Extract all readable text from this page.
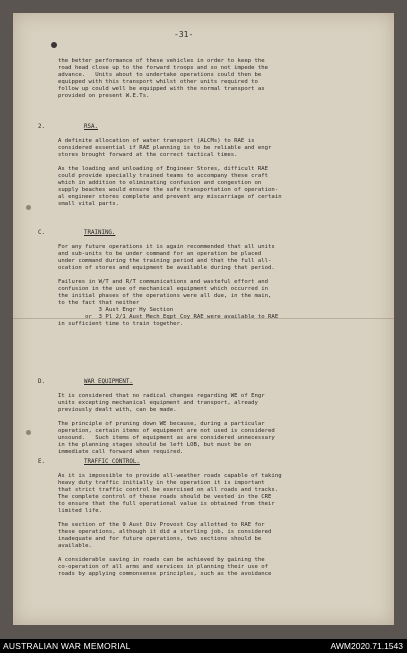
-31-
the better performance of these vehicles in order to keep the
road head close up to the forward troops and so not impede the
advance.   Units about to undertake operations could then be
equipped with this transport whilst other units required to
follow up could well be equipped with the normal transport as
provided on present W.E.Ts.
2.	RSA.
A definite allocation of water transport (ALCMs) to RAE is
considered essential if RAE planning is to be reliable and engr
stores brought forward at the correct tactical times.
As the loading and unloading of Engineer Stores, difficult RAE
could provide specially trained teams to accompany these craft
which in addition to eliminating confusion and congestion on
supply beaches would ensure the safe transportation of operation-
al engineer stores complete and prevent any miscarriage of certain
small vital parts.
C.	TRAINING.
For any future operations it is again recommended that all units
and sub-units to be under command for an operation be placed
under command during the training period and that the full all-
ocation of stores and equipment be available during that period.
Failures in W/T and R/T communications and wasteful effort and
confusion in the use of mechanical equipment which occurred in
the initial phases of the operations were all due, in the main,
to the fact that neither
3 Aust Engr Hy Section
or  3 Pl 2/1 Aust Mech Eqpt Coy RAE were available to RAE
in sufficient time to train together.
D.	WAR EQUIPMENT.
It is considered that no radical changes regarding WE of Engr
units excepting mechanical equipment and transport, already
previously dealt with, can be made.
The principle of pruning down WE because, during a particular
operation, certain items of equipment are not used is considered
unsound.   Such items of equipment as are considered unnecessary
in the planning stages should be left LOB, but must be on
immediate call forward when required.
E.	TRAFFIC CONTROL.
As it is impossible to provide all-weather roads capable of taking
heavy duty traffic initially in the operation it is important
that strict traffic control be exercised on all roads and tracks.
The complete control of these roads should be vested in the CRE
to ensure that the full operational value is obtained from their
limited life.
The section of the 9 Aust Div Provost Coy allotted to RAE for
these operations, although it did a sterling job, is considered
inadequate and for future operations, two sections should be
available.
A considerable saving in roads can be achieved by gaining the
co-operation of all arms and services in planning their use of
roads by applying commonsense principles, such as the avoidance
AUSTRALIAN WAR MEMORIAL	AWM2020.71.1543
